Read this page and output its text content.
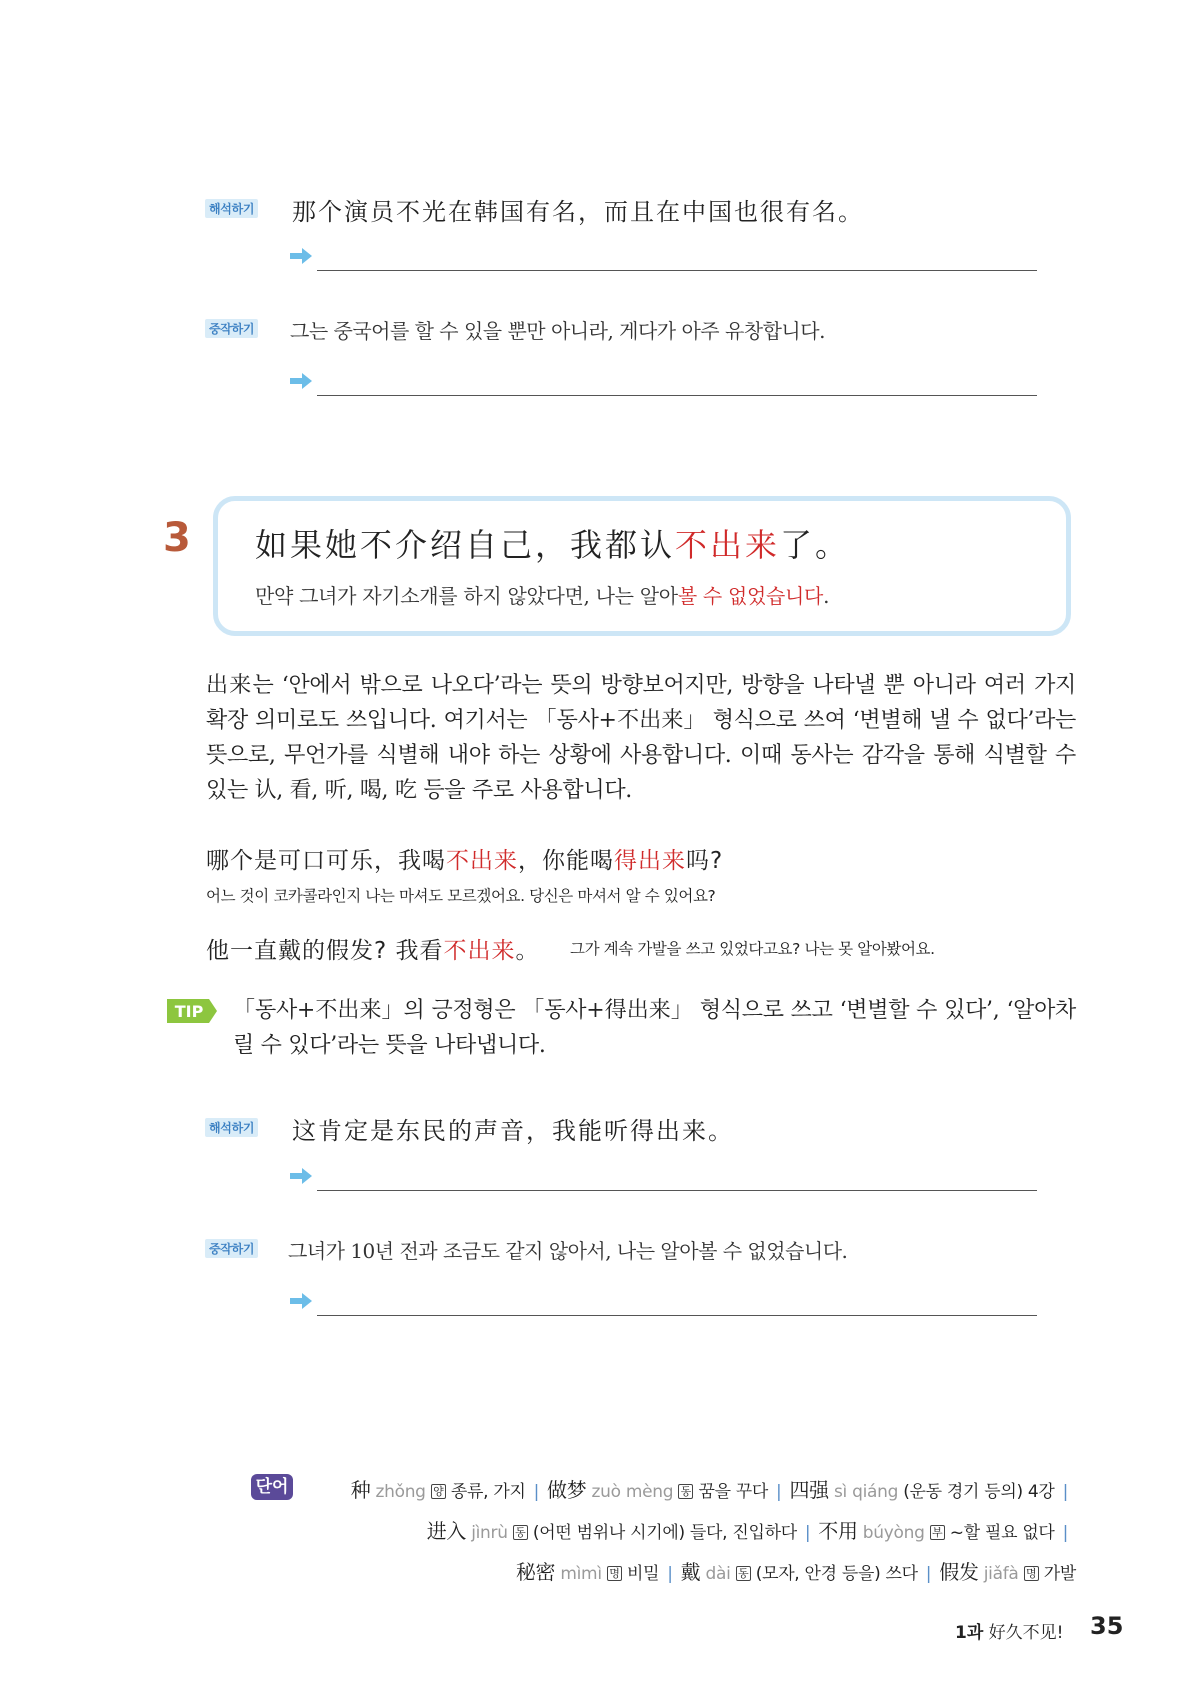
해석하기 那个演员不光在韩国有名，而且在中国也很有名。
중작하기 그는 중국어를 할 수 있을 뿐만 아니라, 게다가 아주 유창합니다.
3 如果她不介绍自己，我都认不出来了。
만약 그녀가 자기소개를 하지 않았다면, 나는 알아볼 수 없었습니다.
出来는 ‘안에서 밖으로 나오다’라는 뜻의 방향보어지만, 방향을 나타낼 뿐 아니라 여러 가지 확장 의미로도 쓰입니다. 여기서는 「동사+不出来」 형식으로 쓰여 ‘변별해 낼 수 없다’라는 뜻으로, 무언가를 식별해 내야 하는 상황에 사용합니다. 이때 동사는 감각을 통해 식별할 수 있는 认, 看, 听, 喝, 吃 등을 주로 사용합니다.
哪个是可口可乐，我喝不出来，你能喝得出来吗?
어느 것이 코카콜라인지 나는 마셔도 모르겠어요. 당신은 마셔서 알 수 있어요?
他一直戴的假发? 我看不出来。 그가 계속 가발을 쓰고 있었다고요? 나는 못 알아봤어요.
TIP 「동사+不出来」의 긍정형은 「동사+得出来」 형식으로 쓰고 ‘변별할 수 있다’, ‘알아차릴 수 있다’라는 뜻을 나타냅니다.
해석하기 这肯定是东民的声音，我能听得出来。
중작하기 그녀가 10년 전과 조금도 같지 않아서, 나는 알아볼 수 없었습니다.
단어	种 zhǒng 양 종류, 가지 | 做梦 zuò mèng 동 꿈을 꾸다 | 四强 sì qiáng (운동 경기 등의) 4강 |
进入 jìnrù 동 (어떤 범위나 시기에) 들다, 진입하다 | 不用 búyòng 부 ~할 필요 없다 |
秘密 mìmì 명 비밀 | 戴 dài 동 (모자, 안경 등을) 쓰다 | 假发 jiǎfà 명 가발
1과 好久不见! 35
